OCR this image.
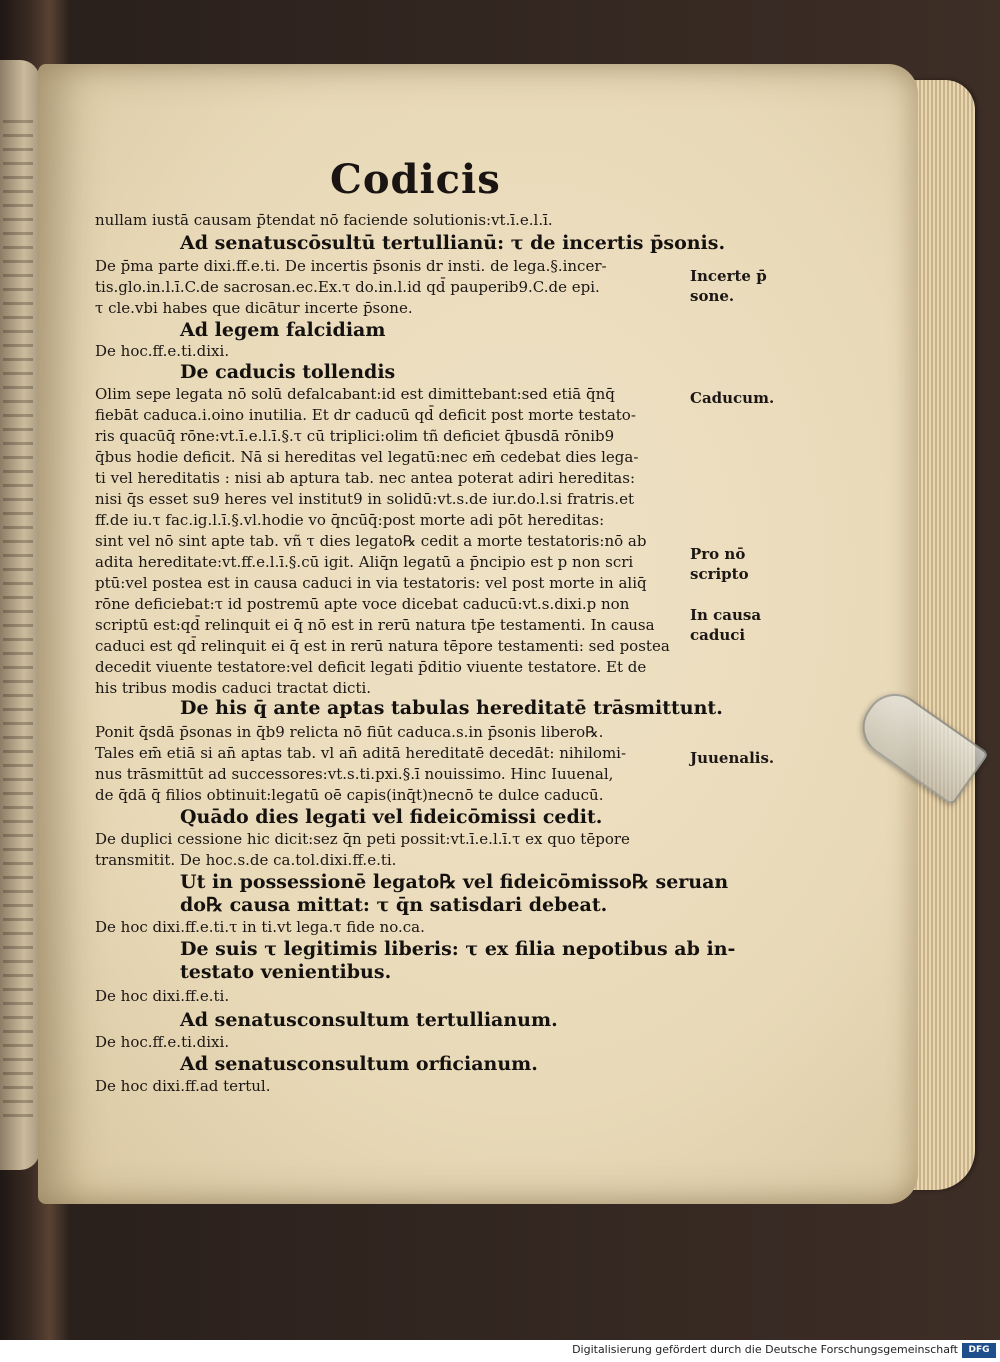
Codicis

nullam iustā causam p̄tendat nō faciende solutionis:vt.ī.e.l.ī.

Ad senatuscōsultū tertullianū: τ de incertis p̄sonis.

De p̄ma parte dixi.ff.e.ti. De incertis p̄sonis dr insti. de lega.§.incer-

tis.glo.in.l.ī.C.de sacrosan.ec.Ex.τ do.in.l.id qd̄ pauperib9.C.de epi.

τ cle.vbi habes que dicātur incerte p̄sone.

Ad legem falcidiam

De hoc.ff.e.ti.dixi.

De caducis tollendis

Olim sepe legata nō solū defalcabant:id est dimittebant:sed etiā q̄nq̄

fiebāt caduca.i.oino inutilia. Et dr caducū qd̄ deficit post morte testato-

ris quacūq̄ rōne:vt.ī.e.l.ī.§.τ cū triplici:olim tñ deficiet q̄busdā rōnib9

q̄bus hodie deficit. Nā si hereditas vel legatū:nec em̄ cedebat dies lega-

ti vel hereditatis : nisi ab aptura tab. nec antea poterat adiri hereditas:

nisi q̄s esset su9 heres vel institut9 in solidū:vt.s.de iur.do.l.si fratris.et

ff.de iu.τ fac.ig.l.ī.§.vl.hodie vo q̄ncūq̄:post morte adi pōt hereditas:

sint vel nō sint apte tab. vñ τ dies legato℞ cedit a morte testatoris:nō ab

adita hereditate:vt.ff.e.l.ī.§.cū igit. Aliq̄n legatū a p̄ncipio est p non scri

ptū:vel postea est in causa caduci in via testatoris: vel post morte in aliq̄

rōne deficiebat:τ id postremū apte voce dicebat caducū:vt.s.dixi.p non

scriptū est:qd̄ relinquit ei q̄ nō est in rerū natura tp̄e testamenti. In causa

caduci est qd̄ relinquit ei q̄ est in rerū natura tēpore testamenti: sed postea

decedit viuente testatore:vel deficit legati p̄ditio viuente testatore. Et de

his tribus modis caduci tractat dicti.

De his q̄ ante aptas tabulas hereditatē trāsmittunt.

Ponit q̄sdā p̄sonas in q̄b9 relicta nō fiūt caduca.s.in p̄sonis libero℞.

Tales em̄ etiā si an̄ aptas tab. vl an̄ aditā hereditatē decedāt: nihilomi-

nus trāsmittūt ad successores:vt.s.ti.pxi.§.ī nouissimo. Hinc Iuuenal,

de q̄dā q̄ filios obtinuit:legatū oē capis(inq̄t)necnō te dulce caducū.

Quādo dies legati vel fideicōmissi cedit.

De duplici cessione hic dicit:sez q̄n peti possit:vt.ī.e.l.ī.τ ex quo tēpore

transmitit. De hoc.s.de ca.tol.dixi.ff.e.ti.

Ut in possessionē legato℞ vel fideicōmisso℞ seruan

do℞ causa mittat: τ q̄n satisdari debeat.

De hoc dixi.ff.e.ti.τ in ti.vt lega.τ fide no.ca.

De suis τ legitimis liberis: τ ex filia nepotibus ab in-

testato venientibus.

De hoc dixi.ff.e.ti.

Ad senatusconsultum tertullianum.

De hoc.ff.e.ti.dixi.

Ad senatusconsultum orficianum.

De hoc dixi.ff.ad tertul.

Incerte p̄

sone.

Caducum.

Pro nō

scripto

In causa

caduci

Juuenalis.

Digitalisierung gefördert durch die Deutsche Forschungsgemeinschaft	DFG
